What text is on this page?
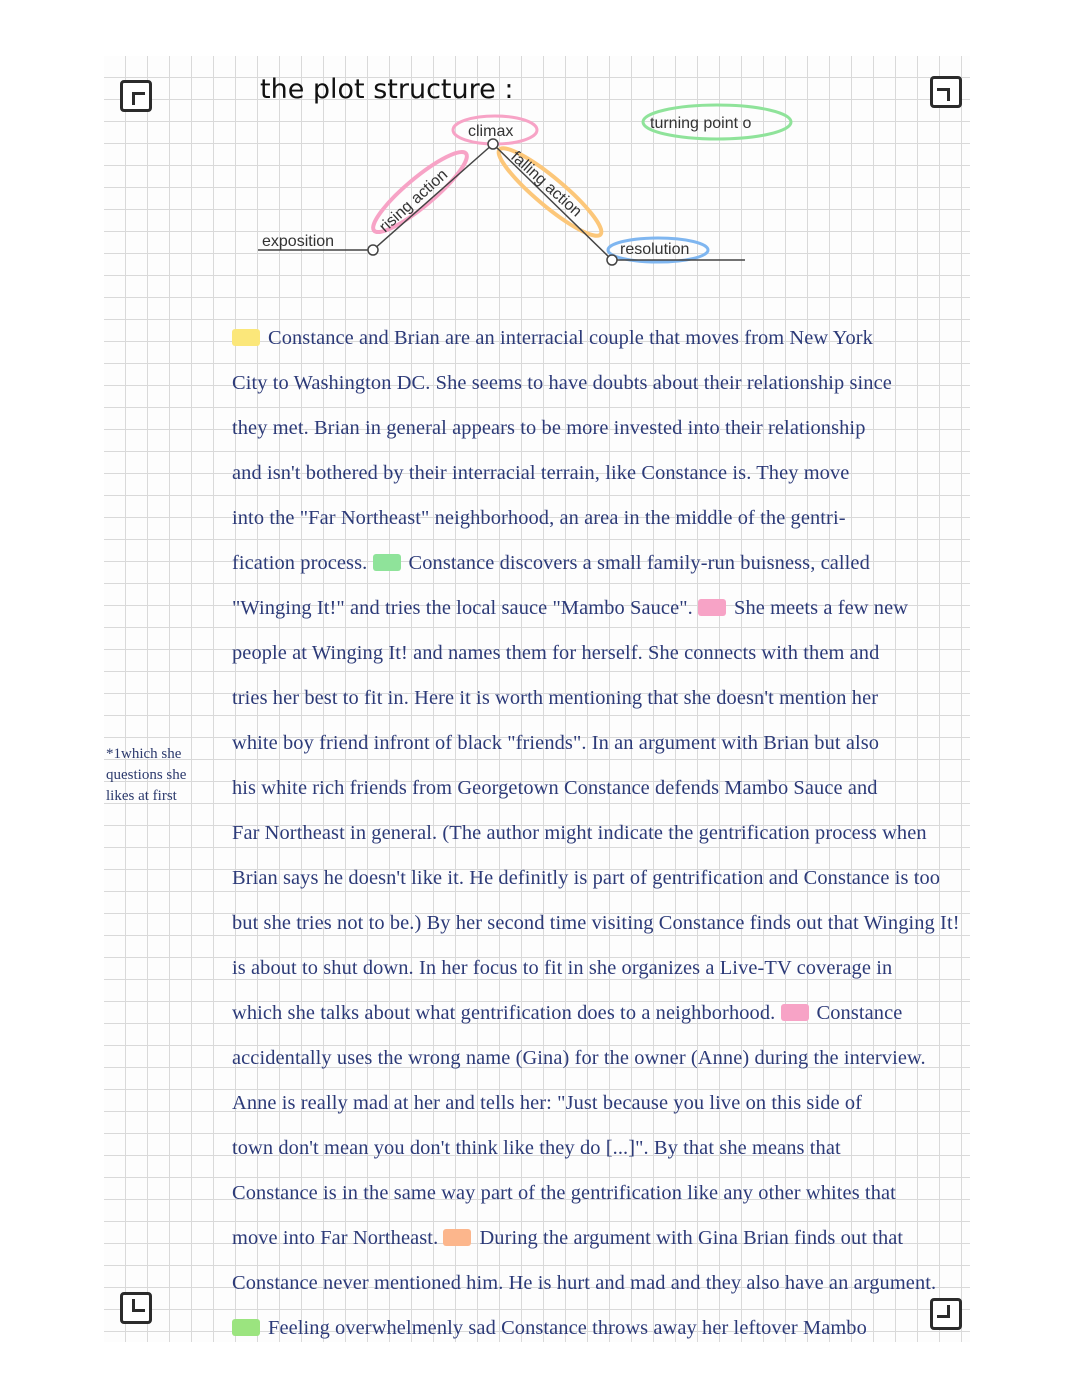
the plot structure :
exposition
rising action
climax
falling action
turning point o
resolution
*1which she
questions she
likes at first
Constance and Brian are an interracial couple that moves from New York
City to Washington DC. She seems to have doubts about their relationship since
they met. Brian in general appears to be more invested into their relationship
and isn't bothered by their interracial terrain, like Constance is. They move
into the "Far Northeast" neighborhood, an area in the middle of the gentri-
fication process. Constance discovers a small family-run buisness, called
"Winging It!" and tries the local sauce "Mambo Sauce". She meets a few new
people at Winging It! and names them for herself. She connects with them and
tries her best to fit in. Here it is worth mentioning that she doesn't mention her
white boy friend infront of black "friends". In an argument with Brian but also
his white rich friends from Georgetown Constance defends Mambo Sauce and
Far Northeast in general. (The author might indicate the gentrification process when
Brian says he doesn't like it. He definitly is part of gentrification and Constance is too
but she tries not to be.) By her second time visiting Constance finds out that Winging It!
is about to shut down. In her focus to fit in she organizes a Live-TV coverage in
which she talks about what gentrification does to a neighborhood. Constance
accidentally uses the wrong name (Gina) for the owner (Anne) during the interview.
Anne is really mad at her and tells her: "Just because you live on this side of
town don't mean you don't think like they do [...]". By that she means that
Constance is in the same way part of the gentrification like any other whites that
move into Far Northeast. During the argument with Gina Brian finds out that
Constance never mentioned him. He is hurt and mad and they also have an argument.
Feeling overwhelmenly sad Constance throws away her leftover Mambo
